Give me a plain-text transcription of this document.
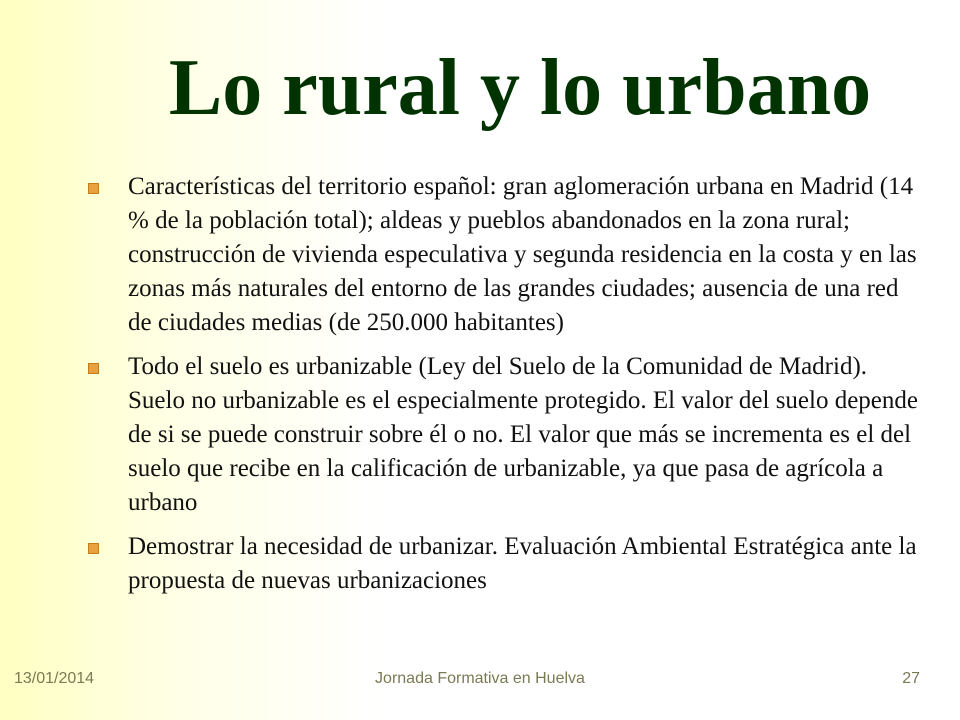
Lo rural y lo urbano
Características del territorio español: gran aglomeración urbana en Madrid (14 % de la población total); aldeas y pueblos abandonados en la zona rural; construcción de vivienda especulativa y segunda residencia en la costa y en las zonas más naturales del entorno de las grandes ciudades; ausencia de una red de ciudades medias (de 250.000 habitantes)
Todo el suelo es urbanizable (Ley del Suelo de la Comunidad de Madrid). Suelo no urbanizable es el especialmente protegido. El valor del suelo depende de si se puede construir sobre él o no. El valor que más se incrementa es el del suelo que recibe en la calificación de urbanizable, ya que pasa de agrícola a urbano
Demostrar la necesidad de urbanizar. Evaluación Ambiental Estratégica ante la propuesta de nuevas urbanizaciones
13/01/2014	Jornada Formativa en Huelva	27
